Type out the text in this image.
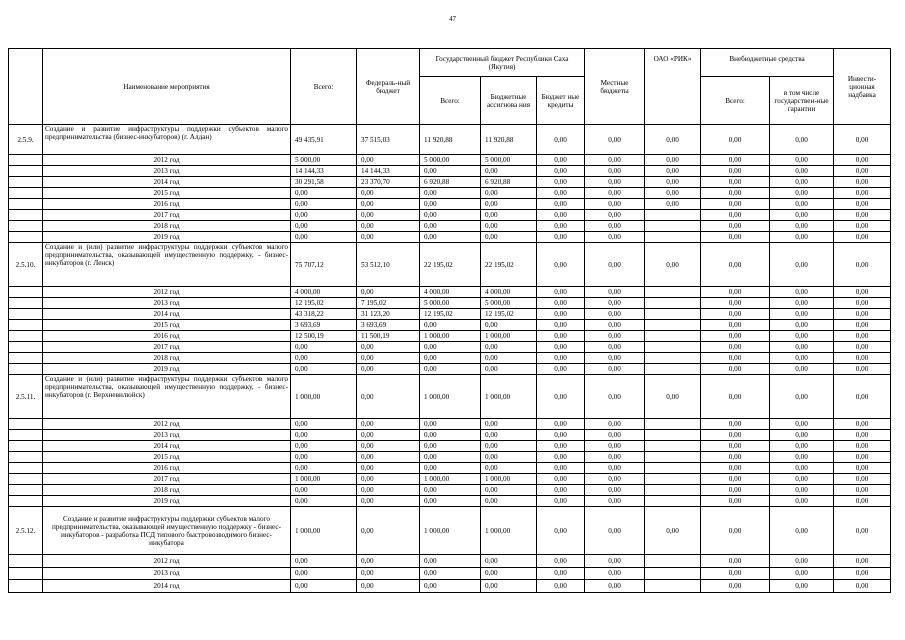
47
	Наименование мероприятия	Всего:	Федераль-ный бюджет	Государственный бюджет Республики Саха (Якутия)			Местные бюджеты	ОАО «РИК»	Внебюджетные средства		Инвести-ционная надбавка
				Всего:	Бюджетные ассигнова ния	Бюджет ные кредиты			Всего:	в том числе государствен-ные гарантии	
2.5.9.	Создание и развитие инфраструктуры поддержки субъектов малого предпринимательства (бизнес-инкубаторов) (г. Алдан)	49 435,91	37 515,03	11 920,88	11 920,88	0,00	0,00	0,00	0,00	0,00	0,00
	2012 год	5 000,00	0,00	5 000,00	5 000,00	0,00	0,00	0,00	0,00	0,00	0,00
	2013 год	14 144,33	14 144,33	0,00	0,00	0,00	0,00	0,00	0,00	0,00	0,00
	2014 год	30 291,58	23 370,70	6 920,88	6 920,88	0,00	0,00	0,00	0,00	0,00	0,00
	2015 год	0,00	0,00	0,00	0,00	0,00	0,00	0,00	0,00	0,00	0,00
	2016 год	0,00	0,00	0,00	0,00	0,00	0,00	0,00	0,00	0,00	0,00
	2017 год	0,00	0,00	0,00	0,00	0,00	0,00		0,00	0,00	0,00
	2018 год	0,00	0,00	0,00	0,00	0,00	0,00		0,00	0,00	0,00
	2019 год	0,00	0,00	0,00	0,00	0,00	0,00		0,00	0,00	0,00
2.5.10.	Создание и (или) развитие инфраструктуры поддержки субъектов малого предпринимательства, оказывающей имущественную поддержку, - бизнес-инкубаторов (г. Ленск)	75 707,12	53 512,10	22 195,02	22 195,02	0,00	0,00	0,00	0,00	0,00	0,00
	2012 год	4 000,00	0,00	4 000,00	4 000,00	0,00	0,00		0,00	0,00	0,00
	2013 год	12 195,02	7 195,02	5 000,00	5 000,00	0,00	0,00		0,00	0,00	0,00
	2014 год	43 318,22	31 123,20	12 195,02	12 195,02	0,00	0,00		0,00	0,00	0,00
	2015 год	3 693,69	3 693,69	0,00	0,00	0,00	0,00		0,00	0,00	0,00
	2016 год	12 500,19	11 500,19	1 000,00	1 000,00	0,00	0,00		0,00	0,00	0,00
	2017 год	0,00	0,00	0,00	0,00	0,00	0,00		0,00	0,00	0,00
	2018 год	0,00	0,00	0,00	0,00	0,00	0,00		0,00	0,00	0,00
	2019 год	0,00	0,00	0,00	0,00	0,00	0,00		0,00	0,00	0,00
2.5.11.	Создание и (или) развитие инфраструктуры поддержки субъектов малого предпринимательства, оказывающей имущественную поддержку, - бизнес-инкубаторов (г. Верхневилюйск)	1 000,00	0,00	1 000,00	1 000,00	0,00	0,00	0,00	0,00	0,00	0,00
	2012 год	0,00	0,00	0,00	0,00	0,00	0,00		0,00	0,00	0,00
	2013 год	0,00	0,00	0,00	0,00	0,00	0,00		0,00	0,00	0,00
	2014 год	0,00	0,00	0,00	0,00	0,00	0,00		0,00	0,00	0,00
	2015 год	0,00	0,00	0,00	0,00	0,00	0,00		0,00	0,00	0,00
	2016 год	0,00	0,00	0,00	0,00	0,00	0,00		0,00	0,00	0,00
	2017 год	1 000,00	0,00	1 000,00	1 000,00	0,00	0,00		0,00	0,00	0,00
	2018 год	0,00	0,00	0,00	0,00	0,00	0,00		0,00	0,00	0,00
	2019 год	0,00	0,00	0,00	0,00	0,00	0,00		0,00	0,00	0,00
2.5.12.	Создание и развитие инфраструктуры поддержки субъектов малого предпринимательства, оказывающей имущественную поддержку - бизнес-инкубаторов - разработка ПСД типового быстровозводимого бизнес-инкубатора	1 000,00	0,00	1 000,00	1 000,00	0,00	0,00	0,00	0,00	0,00	0,00
	2012 год	0,00	0,00	0,00	0,00	0,00	0,00		0,00	0,00	0,00
	2013 год	0,00	0,00	0,00	0,00	0,00	0,00		0,00	0,00	0,00
	2014 год	0,00	0,00	0,00	0,00	0,00	0,00		0,00	0,00	0,00
